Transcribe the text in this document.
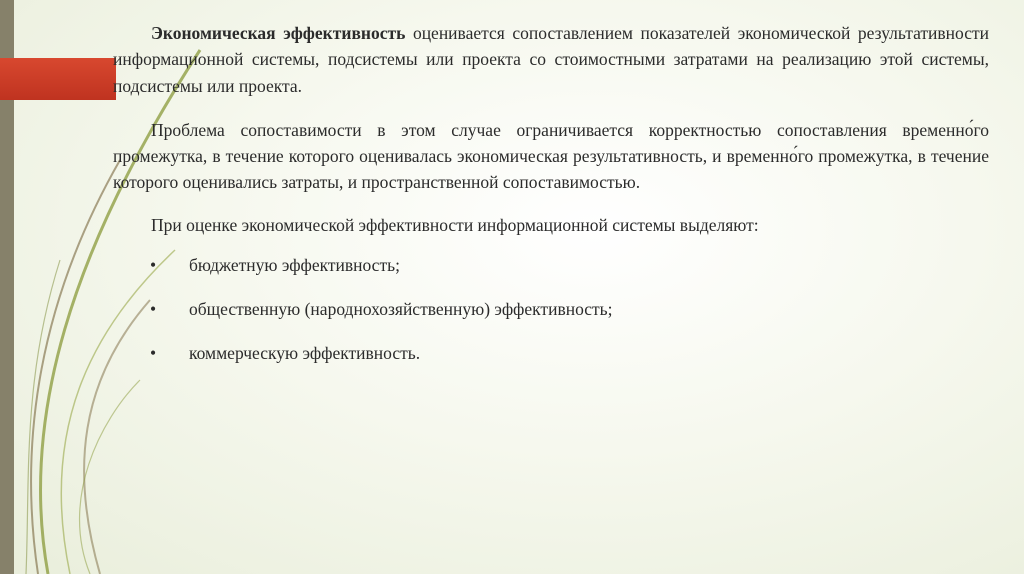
Экономическая эффективность оценивается сопоставлением показателей экономической результативности информационной системы, подсистемы или проекта со стоимостными затратами на реализацию этой системы, подсистемы или проекта.

Проблема сопоставимости в этом случае ограничивается корректностью сопоставления временно́го промежутка, в течение которого оценивалась экономическая результативность, и временно́го промежутка, в течение которого оценивались затраты, и пространственной сопоставимостью.

При оценке экономической эффективности информационной системы выделяют:

• бюджетную эффективность;
• общественную (народнохозяйственную) эффективность;
• коммерческую эффективность.
